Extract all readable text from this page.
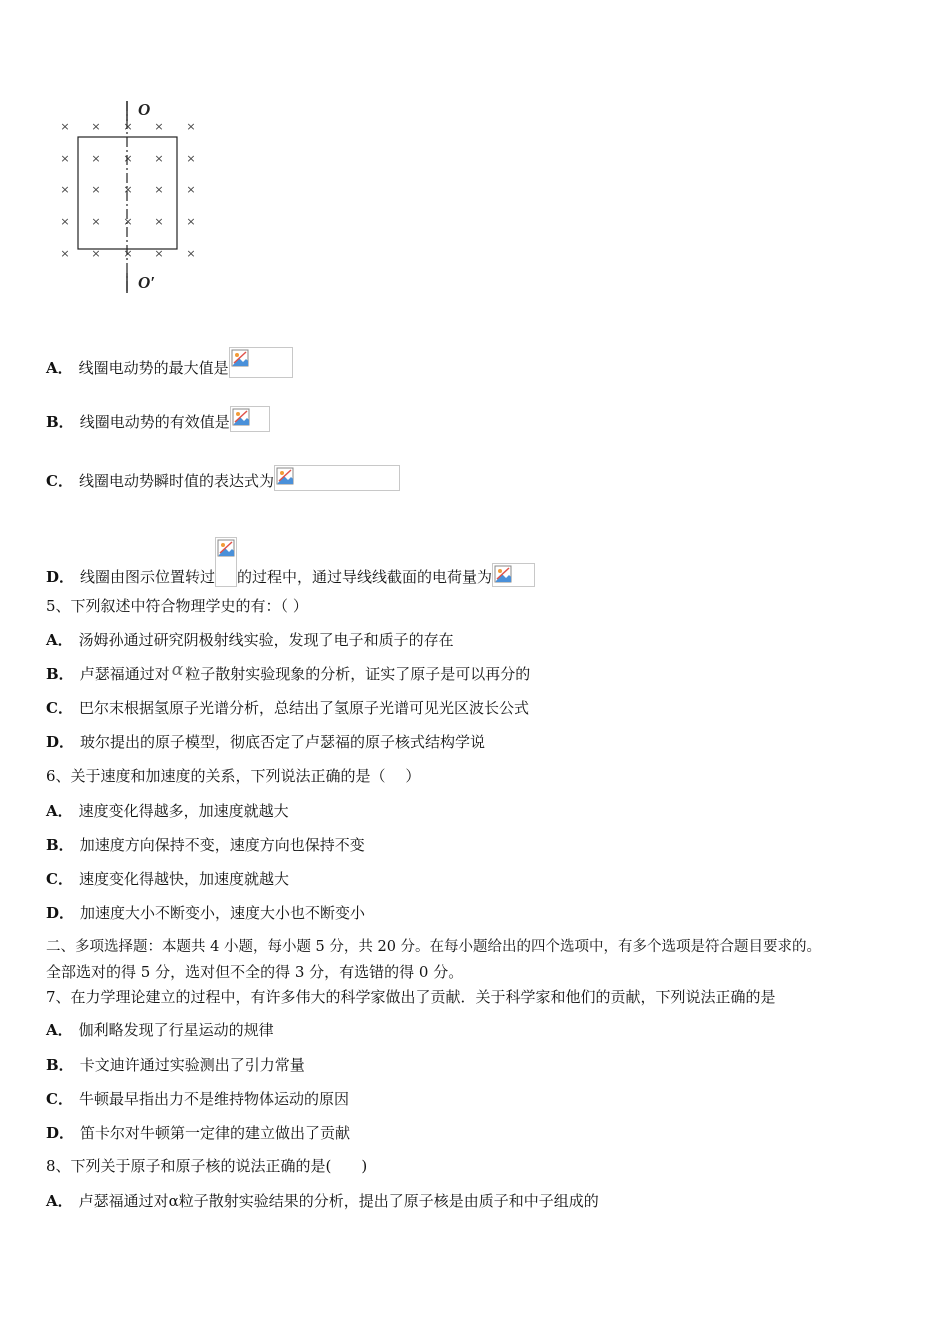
× × × × ×
× × × × ×
× × × × ×
× × × × ×
× × × × ×
O
O′
A． 线圈电动势的最大值是
B． 线圈电动势的有效值是
C． 线圈电动势瞬时值的表达式为
D． 线圈由图示位置转过 的过程中，通过导线线截面的电荷量为
5、下列叙述中符合物理学史的有：（ ）
A． 汤姆孙通过研究阴极射线实验，发现了电子和质子的存在
B． 卢瑟福通过对 α 粒子散射实验现象的分析，证实了原子是可以再分的
C． 巴尔末根据氢原子光谱分析，总结出了氢原子光谱可见光区波长公式
D． 玻尔提出的原子模型，彻底否定了卢瑟福的原子核式结构学说
6、关于速度和加速度的关系，下列说法正确的是（　 ）
A． 速度变化得越多，加速度就越大
B． 加速度方向保持不变，速度方向也保持不变
C． 速度变化得越快，加速度就越大
D． 加速度大小不断变小，速度大小也不断变小
二、多项选择题：本题共 4 小题，每小题 5 分，共 20 分。在每小题给出的四个选项中，有多个选项是符合题目要求的。
全部选对的得 5 分，选对但不全的得 3 分，有选错的得 0 分。
7、在力学理论建立的过程中，有许多伟大的科学家做出了贡献．关于科学家和他们的贡献，下列说法正确的是
A． 伽利略发现了行星运动的规律
B． 卡文迪许通过实验测出了引力常量
C． 牛顿最早指出力不是维持物体运动的原因
D． 笛卡尔对牛顿第一定律的建立做出了贡献
8、下列关于原子和原子核的说法正确的是(　　)
A． 卢瑟福通过对α粒子散射实验结果的分析，提出了原子核是由质子和中子组成的
